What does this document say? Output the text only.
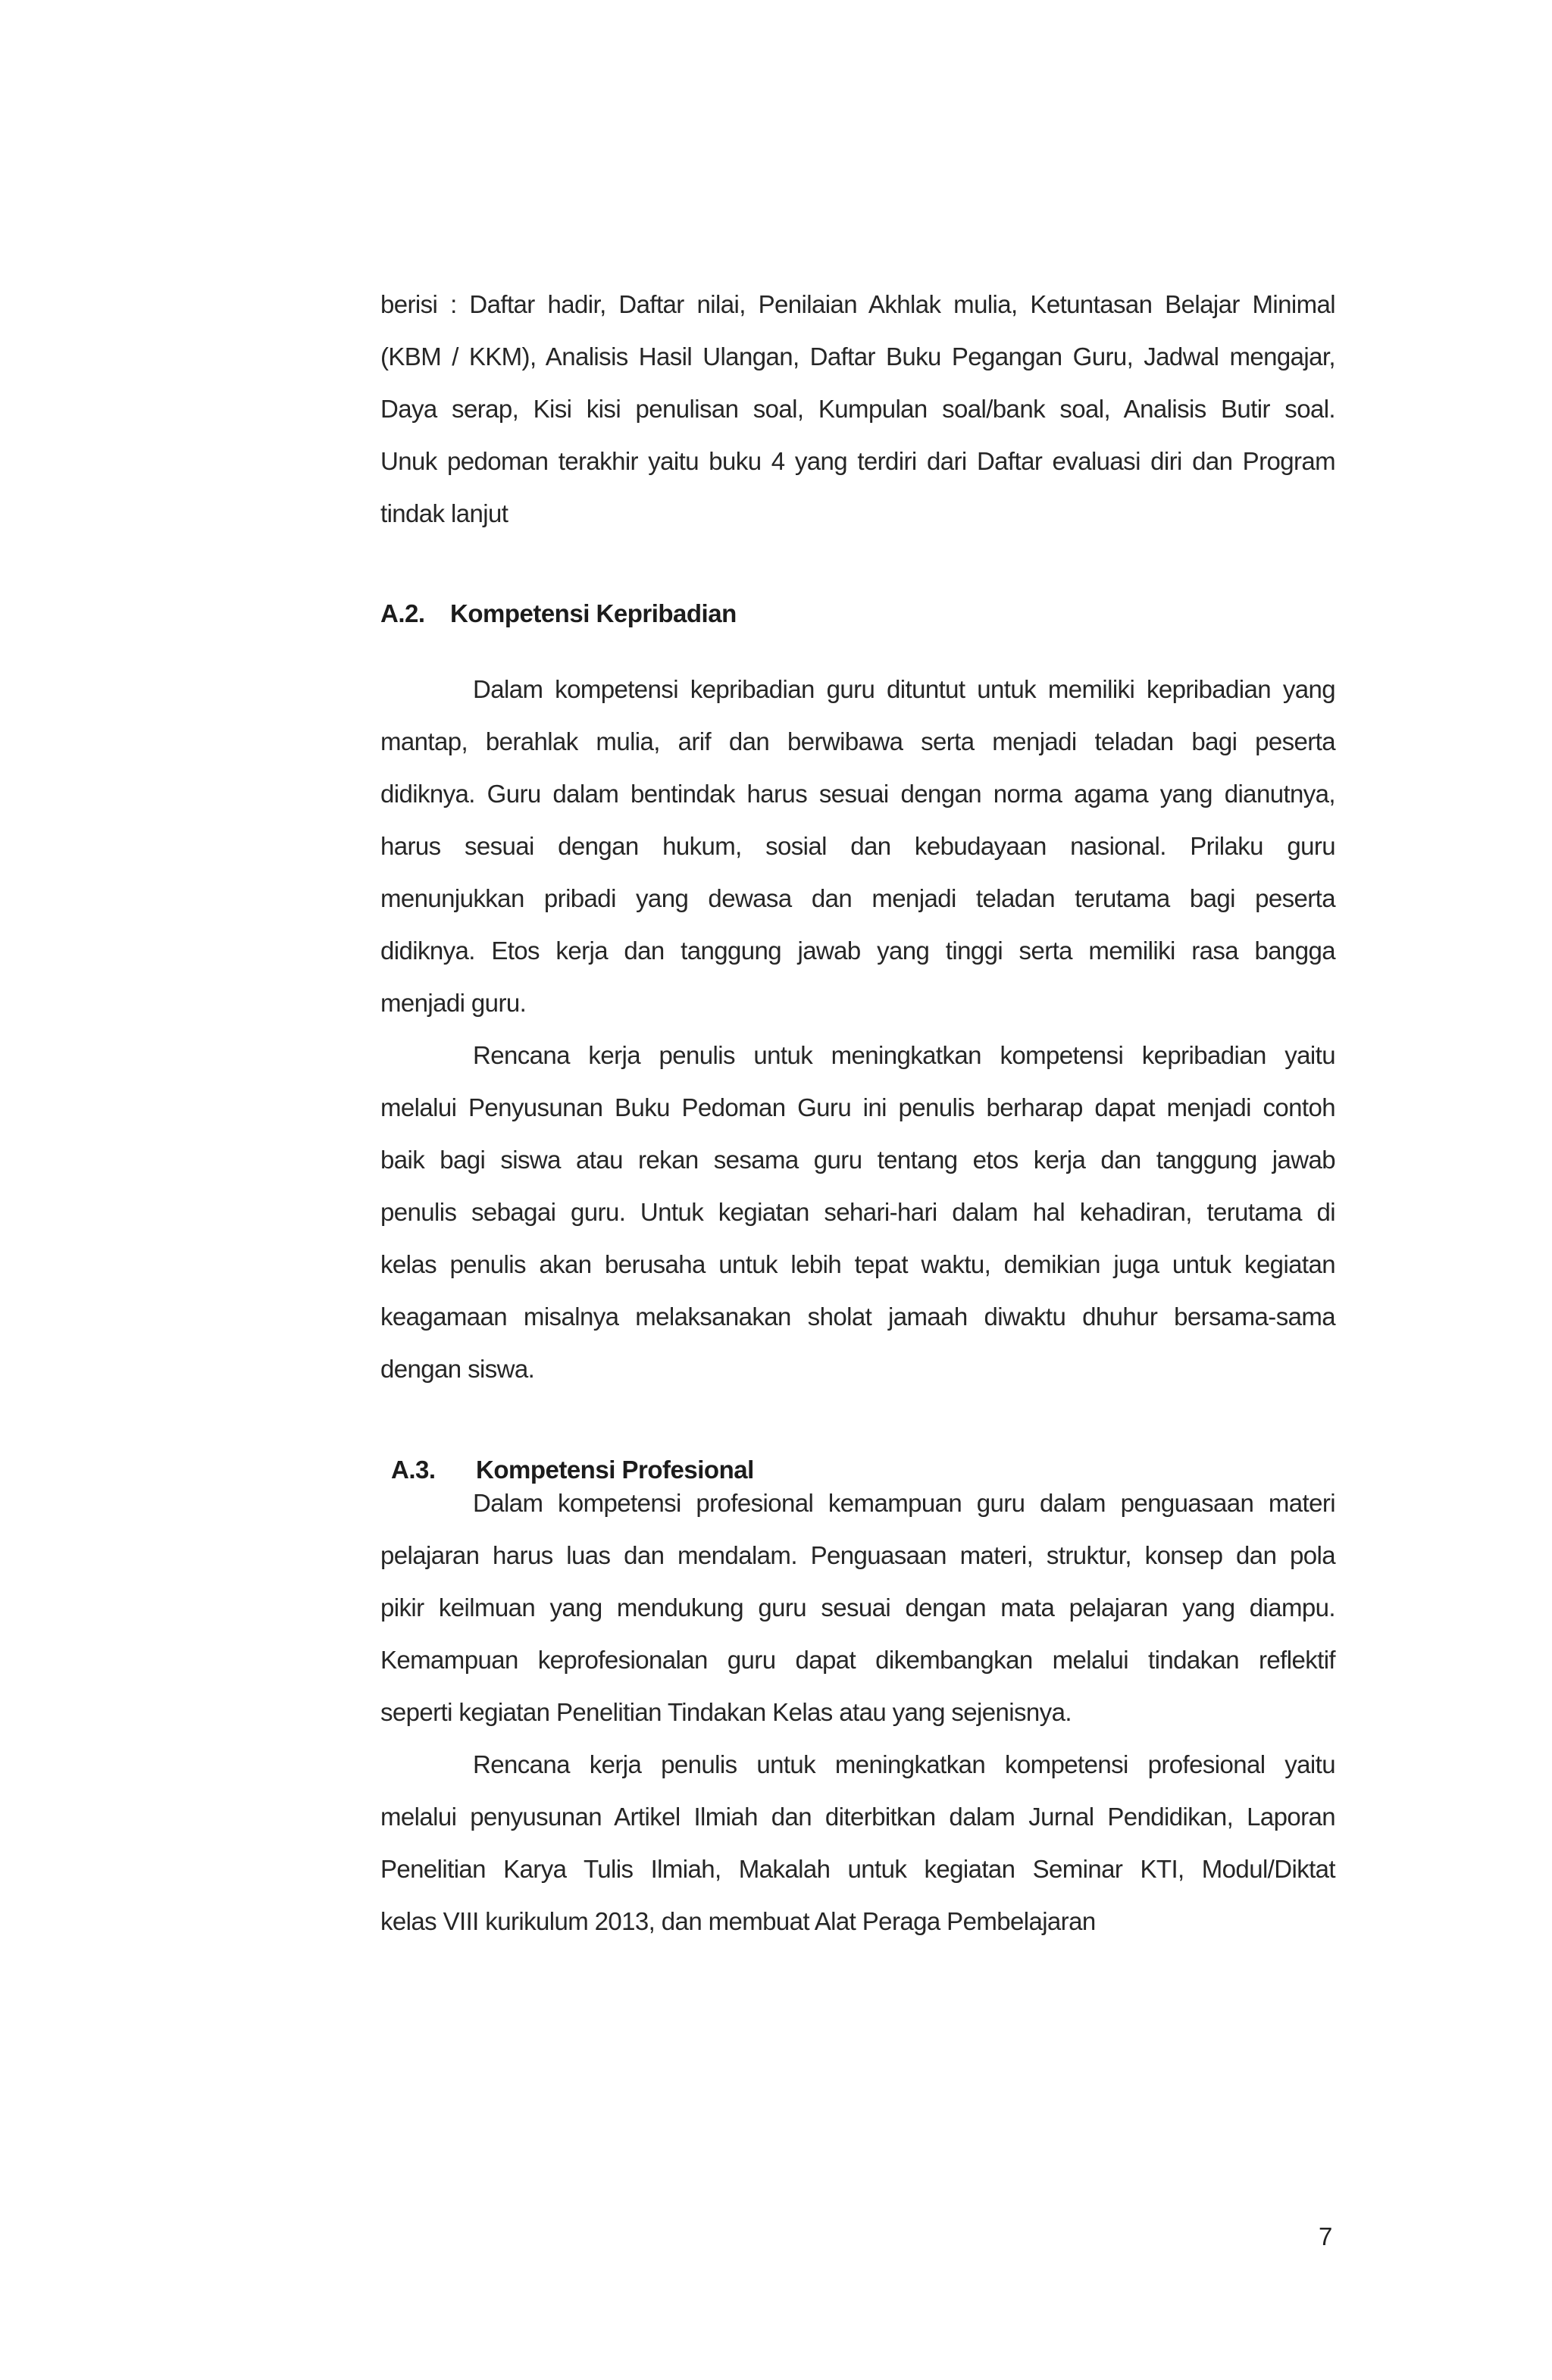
berisi : Daftar hadir, Daftar nilai, Penilaian Akhlak mulia, Ketuntasan Belajar Minimal
(KBM / KKM), Analisis Hasil Ulangan, Daftar Buku Pegangan Guru, Jadwal mengajar,
Daya serap, Kisi kisi penulisan soal, Kumpulan soal/bank soal, Analisis Butir soal.
Unuk pedoman terakhir yaitu buku 4 yang terdiri dari Daftar evaluasi diri dan Program
tindak lanjut
A.2. Kompetensi Kepribadian
Dalam kompetensi kepribadian guru dituntut untuk memiliki kepribadian yang
mantap, berahlak mulia, arif dan berwibawa serta menjadi teladan bagi peserta
didiknya. Guru dalam bentindak harus sesuai dengan norma agama yang dianutnya,
harus sesuai dengan hukum, sosial dan kebudayaan nasional. Prilaku guru
menunjukkan pribadi yang dewasa dan menjadi teladan terutama bagi peserta
didiknya. Etos kerja dan tanggung jawab yang tinggi serta memiliki rasa bangga
menjadi guru.
Rencana kerja penulis untuk meningkatkan kompetensi kepribadian yaitu
melalui Penyusunan Buku Pedoman Guru ini penulis berharap dapat menjadi contoh
baik bagi siswa atau rekan sesama guru tentang etos kerja dan tanggung jawab
penulis sebagai guru. Untuk kegiatan sehari-hari dalam hal kehadiran, terutama di
kelas penulis akan berusaha untuk lebih tepat waktu, demikian juga untuk kegiatan
keagamaan misalnya melaksanakan sholat jamaah diwaktu dhuhur bersama-sama
dengan siswa.
A.3. Kompetensi Profesional
Dalam kompetensi profesional kemampuan guru dalam penguasaan materi
pelajaran harus luas dan mendalam. Penguasaan materi, struktur, konsep dan pola
pikir keilmuan yang mendukung guru sesuai dengan mata pelajaran yang diampu.
Kemampuan keprofesionalan guru dapat dikembangkan melalui tindakan reflektif
seperti kegiatan Penelitian Tindakan Kelas atau yang sejenisnya.
Rencana kerja penulis untuk meningkatkan kompetensi profesional yaitu
melalui penyusunan Artikel Ilmiah dan diterbitkan dalam Jurnal Pendidikan, Laporan
Penelitian Karya Tulis Ilmiah, Makalah untuk kegiatan Seminar KTI, Modul/Diktat
kelas VIII kurikulum 2013, dan membuat Alat Peraga Pembelajaran
7
